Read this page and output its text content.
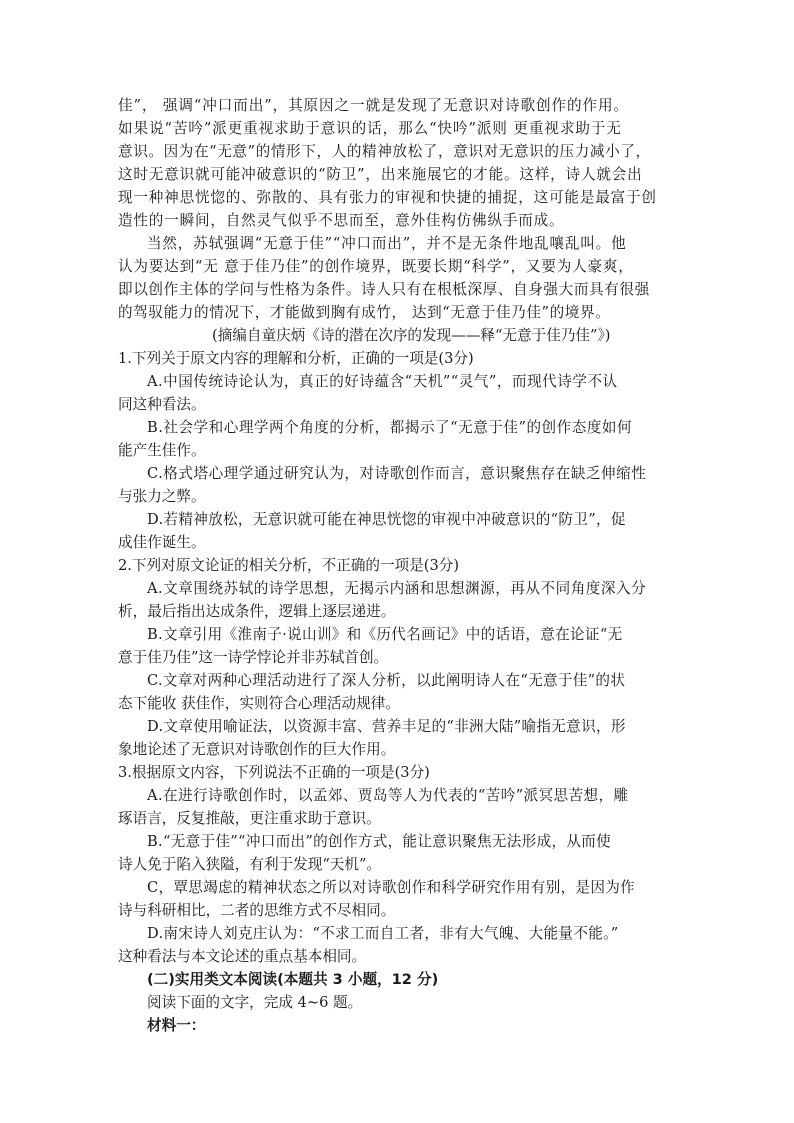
佳”， 强调“冲口而出”，其原因之一就是发现了无意识对诗歌创作的作用。
如果说“苦吟”派更重视求助于意识的话，那么“快吟”派则 更重视求助于无
意识。因为在“无意”的情形下，人的精神放松了，意识对无意识的压力减小了，
这时无意识就可能冲破意识的“防卫”，出来施展它的才能。这样，诗人就会出
现一种神思恍惚的、弥散的、具有张力的审视和快捷的捕捉，这可能是最富于创
造性的一瞬间，自然灵气似乎不思而至，意外佳构仿佛纵手而成。
当然，苏轼强调“无意于佳”“冲口而出”，并不是无条件地乱嚷乱叫。他
认为要达到“无 意于佳乃佳”的创作境界，既要长期“科学”，又要为人豪爽，
即以创作主体的学问与性格为条件。诗人只有在根柢深厚、自身强大而具有很强
的驾驭能力的情况下，才能做到胸有成竹， 达到“无意于佳乃佳”的境界。
(摘编自童庆炳《诗的潜在次序的发现——释“无意于佳乃佳”》)
1.下列关于原文内容的理解和分析，正确的一项是(3分)
A.中国传统诗论认为，真正的好诗蕴含“天机”“灵气”，而现代诗学不认
同这种看法。
B.社会学和心理学两个角度的分析，都揭示了“无意于佳”的创作态度如何
能产生佳作。
C.格式塔心理学通过研究认为，对诗歌创作而言，意识聚焦存在缺乏伸缩性
与张力之弊。
D.若精神放松，无意识就可能在神思恍惚的审视中冲破意识的“防卫”，促
成佳作诞生。
2.下列对原文论证的相关分析，不正确的一项是(3分)
A.文章围绕苏轼的诗学思想，无揭示内涵和思想渊源，再从不同角度深入分
析，最后指出达成条件，逻辑上逐层递进。
B.文章引用《淮南子·说山训》和《历代名画记》中的话语，意在论证“无
意于佳乃佳”这一诗学悖论并非苏轼首创。
C.文章对两种心理活动进行了深人分析，以此阐明诗人在“无意于佳”的状
态下能收 获佳作，实则符合心理活动规律。
D.文章使用喻证法，以资源丰富、营养丰足的“非洲大陆”喻指无意识，形
象地论述了无意识对诗歌创作的巨大作用。
3.根据原文内容，下列说法不正确的一项是(3分)
A.在进行诗歌创作时，以孟郊、贾岛等人为代表的“苦吟”派冥思苦想，雕
琢语言，反复推敲，更注重求助于意识。
B.“无意于佳”“冲口而出”的创作方式，能让意识聚焦无法形成，从而使
诗人免于陷入狭隘，有利于发现“天机”。
C，覃思竭虑的精神状态之所以对诗歌创作和科学研究作用有别，是因为作
诗与科研相比，二者的思维方式不尽相同。
D.南宋诗人刘克庄认为：“不求工而自工者，非有大气魄、大能量不能。”
这种看法与本文论述的重点基本相同。
(二)实用类文本阅读(本题共 3 小题，12 分)
阅读下面的文字，完成 4~6 题。
材料一：
